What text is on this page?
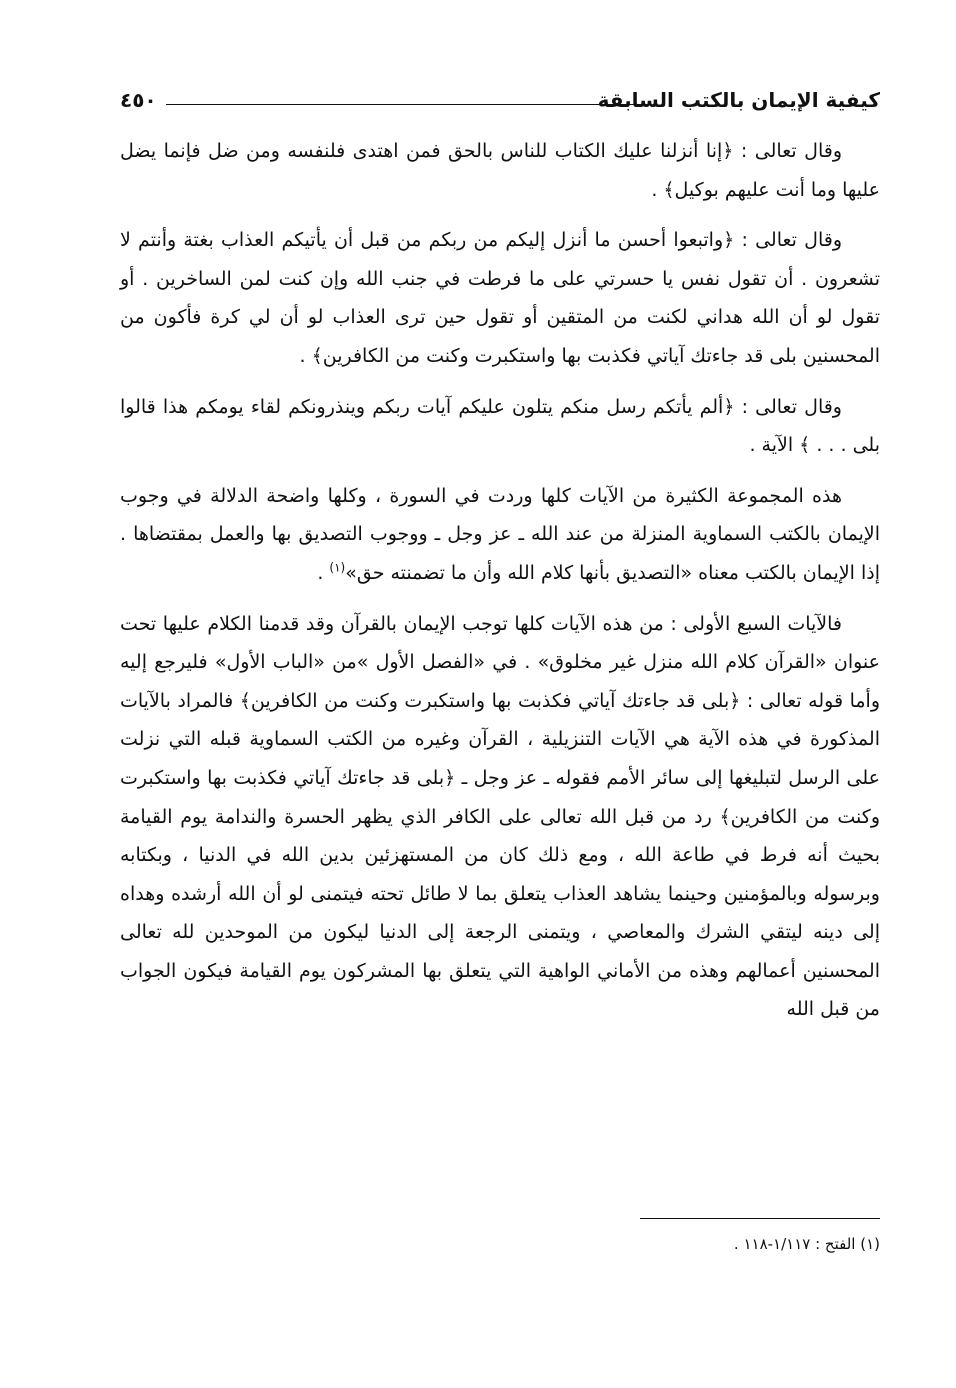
كيفية الإيمان بالكتب السابقة
٤٥٠

وقال تعالى : ﴿إنا أنزلنا عليك الكتاب للناس بالحق فمن اهتدى فلنفسه ومن ضل فإنما يضل عليها وما أنت عليهم بوكيل﴾ .

وقال تعالى : ﴿واتبعوا أحسن ما أنزل إليكم من ربكم من قبل أن يأتيكم العذاب بغتة وأنتم لا تشعرون . أن تقول نفس يا حسرتي على ما فرطت في جنب الله وإن كنت لمن الساخرين . أو تقول لو أن الله هداني لكنت من المتقين أو تقول حين ترى العذاب لو أن لي كرة فأكون من المحسنين بلى قد جاءتك آياتي فكذبت بها واستكبرت وكنت من الكافرين﴾ .

وقال تعالى : ﴿ألم يأتكم رسل منكم يتلون عليكم آيات ربكم وينذرونكم لقاء يومكم هذا قالوا بلى . . . ﴾ الآية .

هذه المجموعة الكثيرة من الآيات كلها وردت في السورة ، وكلها واضحة الدلالة في وجوب الإيمان بالكتب السماوية المنزلة من عند الله ـ عز وجل ـ ووجوب التصديق بها والعمل بمقتضاها . إذا الإيمان بالكتب معناه «التصديق بأنها كلام الله وأن ما تضمنته حق»$^{(١)}$ .

فالآيات السبع الأولى : من هذه الآيات كلها توجب الإيمان بالقرآن وقد قدمنا الكلام عليها تحت عنوان «القرآن كلام الله منزل غير مخلوق» . في «الفصل الأول »من «الباب الأول» فليرجع إليه وأما قوله تعالى : ﴿بلى قد جاءتك آياتي فكذبت بها واستكبرت وكنت من الكافرين﴾ فالمراد بالآيات المذكورة في هذه الآية هي الآيات التنزيلية ، القرآن وغيره من الكتب السماوية قبله التي نزلت على الرسل لتبليغها إلى سائر الأمم فقوله ـ عز وجل ـ ﴿بلى قد جاءتك آياتي فكذبت بها واستكبرت وكنت من الكافرين﴾ رد من قبل الله تعالى على الكافر الذي يظهر الحسرة والندامة يوم القيامة بحيث أنه فرط في طاعة الله ، ومع ذلك كان من المستهزئين بدين الله في الدنيا ، وبكتابه وبرسوله وبالمؤمنين وحينما يشاهد العذاب يتعلق بما لا طائل تحته فيتمنى لو أن الله أرشده وهداه إلى دينه ليتقي الشرك والمعاصي ، ويتمنى الرجعة إلى الدنيا ليكون من الموحدين لله تعالى المحسنين أعمالهم وهذه من الأماني الواهية التي يتعلق بها المشركون يوم القيامة فيكون الجواب من قبل الله

(١) الفتح : ١/١١٧-١١٨ .
